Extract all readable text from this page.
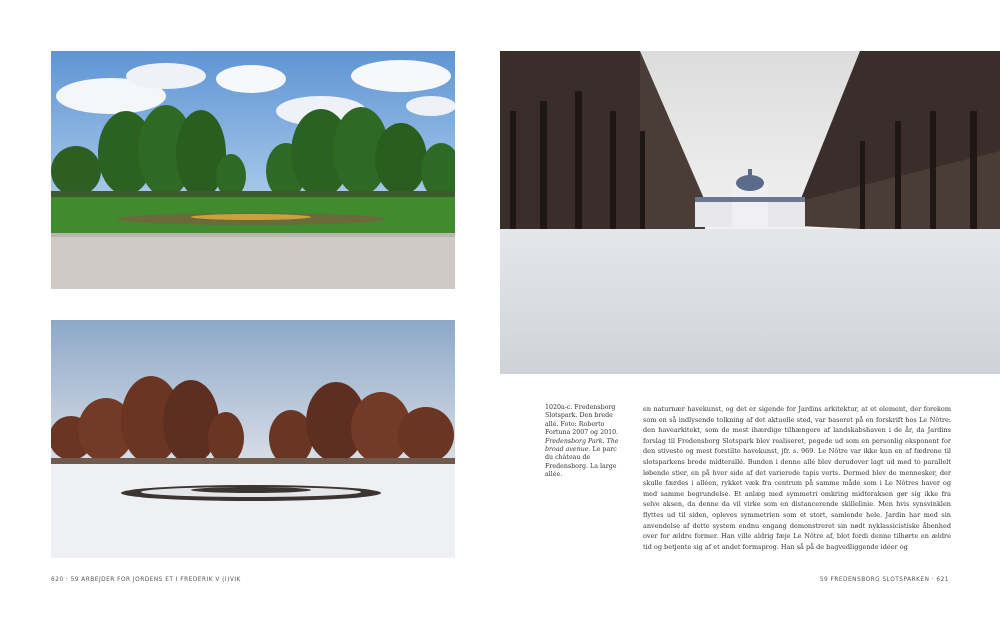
1020a-c. Fredensborg Slotspark. Den brede allé. Foto: Roberto Fortuna 2007 og 2010. Fredensborg Park. The broad avenue. Le parc du château de Fredensborg. La large allée.
en naturnær havekunst, og det er sigende for Jardins arkitektur, at et element, der forekom som en så indlysende tolkning af det aktuelle sted, var baseret på en forskrift hos Le Nôtre: den havearkitekt, som de mest ihærdige tilhængere af landskabshaven i de år, da Jardins forslag til Fredensborg Slotspark blev realiseret, pegede ud som en personlig eksponent for den stiveste og mest forstilte havekunst, jfr. s. 969. Le Nôtre var ikke kun en af fædrene til slotsparkens brede midterallé. Bunden i denne allé blev derudover lagt ud med to parallelt løbende stier, en på hver side af det varierede tapis verts. Dermed blev de mennesker, der skulle færdes i alléen, rykket væk fra centrum på samme måde som i Le Nôtres haver og med samme begrundelse. Et anlæg med symmetri omkring midteraksen gør sig ikke fra selve aksen, da denne da vil virke som en distancerende skillelinie. Men hvis synsvinklen flyttes ud til siden, opleves symmetrien som et stort, samlende hele. Jardin har med sin anvendelse af dette system endnu engang demonstreret sin nødt nyklassicistiske åbenhed over for ældre former. Han ville aldrig fæje Le Nôtre af, blot fordi denne tilhørte en ældre tid og betjente sig af et andet formsprog. Han så på de bagvedliggende idéer og
620 · 59 ARBEJDER FOR JORDENS ET I FREDERIK V (I)VIK	59 FREDENSBORG SLOTSPARKEN · 621
